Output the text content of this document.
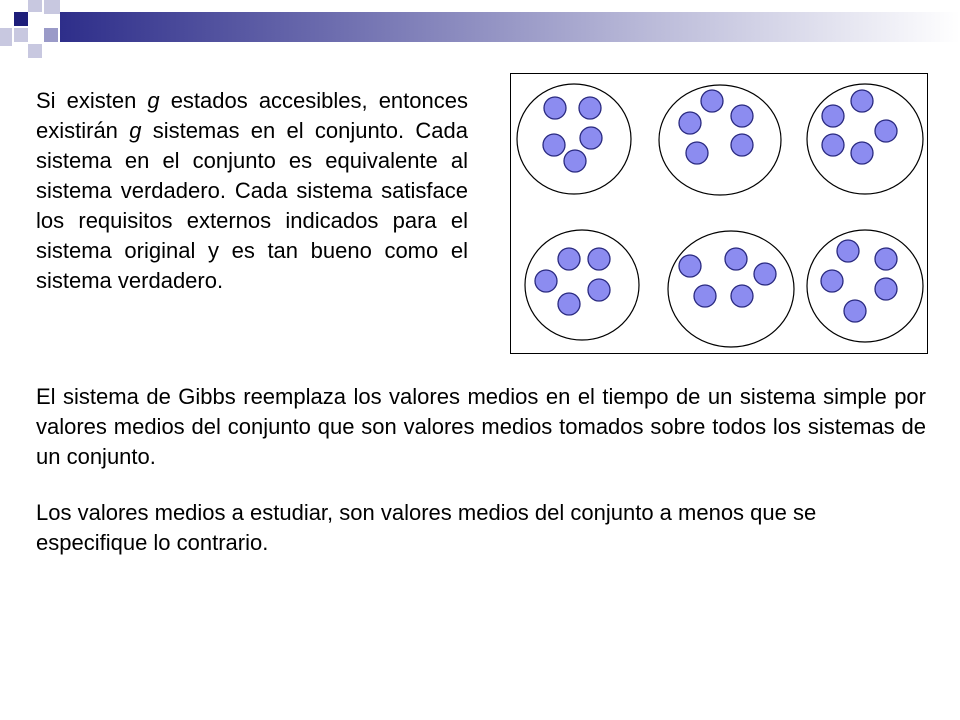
Si existen g estados accesibles, entonces existirán g sistemas en el conjunto. Cada sistema en el conjunto es equivalente al sistema verdadero. Cada sistema satisface los requisitos externos indicados para el sistema original y es tan bueno como el sistema verdadero.

El sistema de Gibbs reemplaza los valores medios en el tiempo de un sistema simple por valores medios del conjunto que son valores medios tomados sobre todos los sistemas de un conjunto.

Los valores medios a estudiar, son valores medios del conjunto a menos que se especifique lo contrario.
